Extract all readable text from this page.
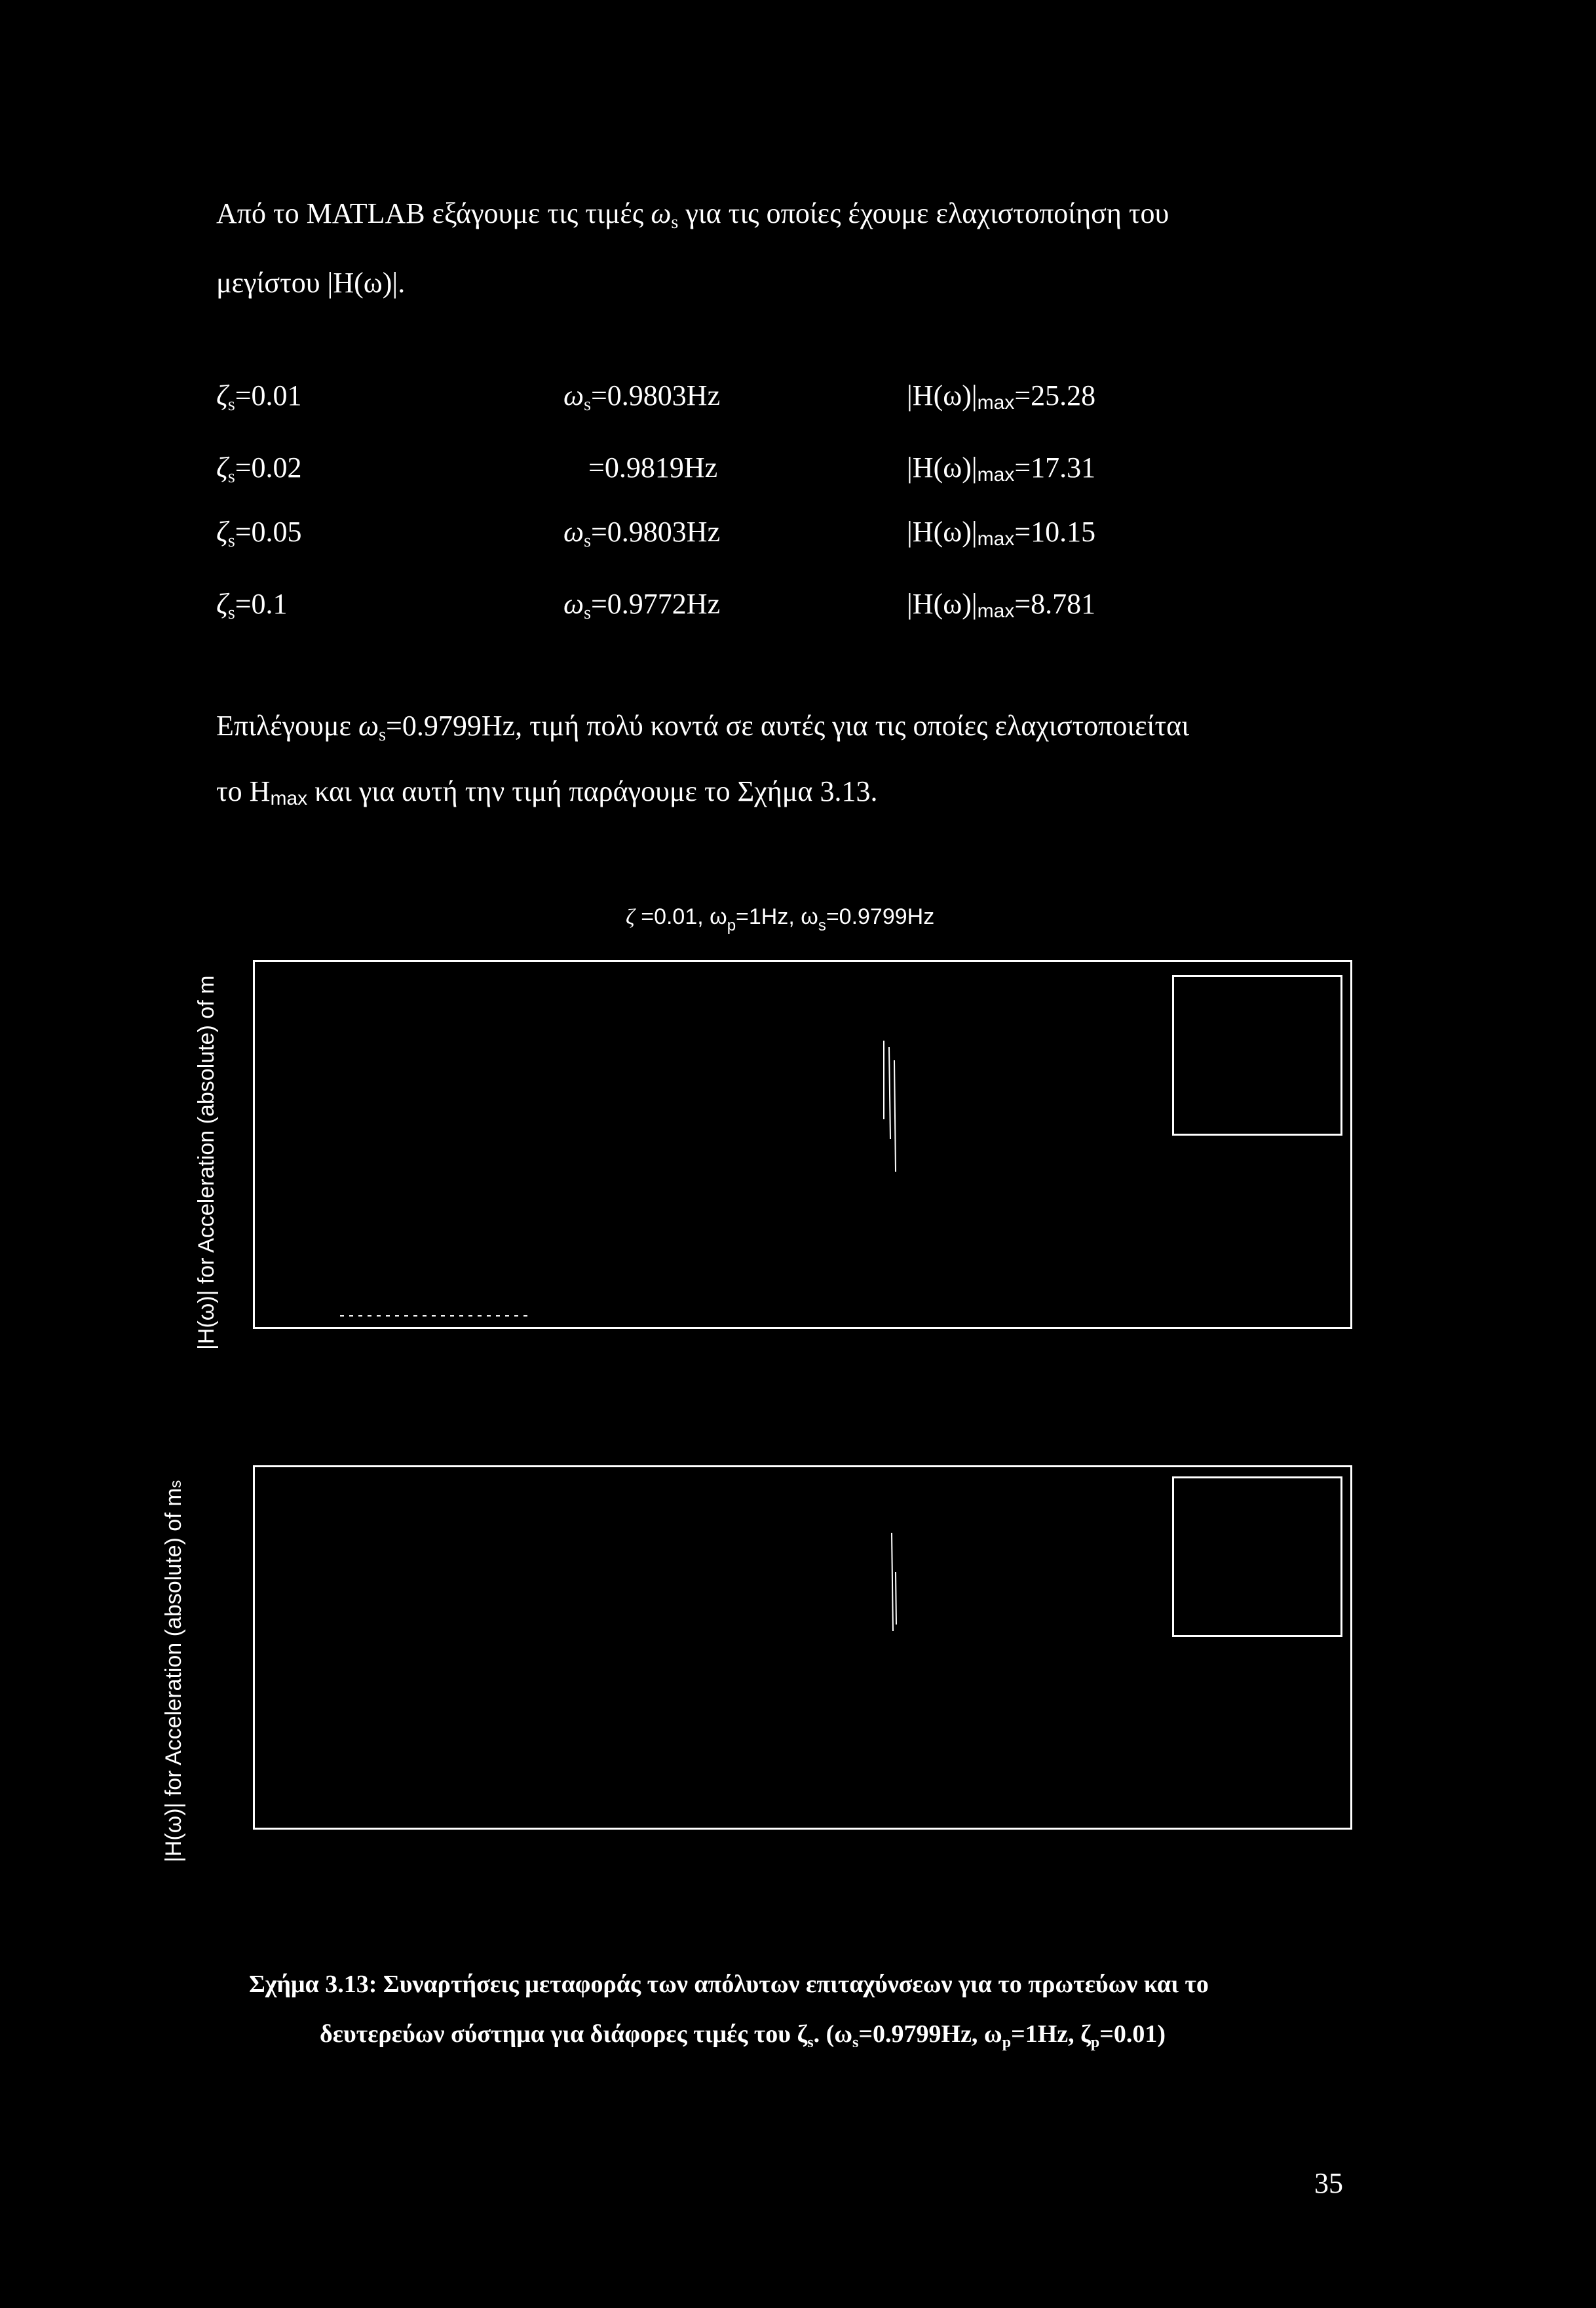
Από το MATLAB εξάγουμε τις τιμές $\omega_s$ για τις οποίες έχουμε ελαχιστοποίηση του
μεγίστου |H(ω)|.
$\zeta_s=0.01$	$\omega_s=0.9803Hz$	|H(ω)|max=25.28
$\zeta_s=0.02$	=0.9819Hz	|H(ω)|max=17.31
$\zeta_s=0.05$	$\omega_s=0.9803Hz$	|H(ω)|max=10.15
$\zeta_s=0.1$	$\omega_s=0.9772Hz$	|H(ω)|max=8.781
Επιλέγουμε $\omega_s=0.9799Hz$, τιμή πολύ κοντά σε αυτές για τις οποίες ελαχιστοποιείται
το Hmax και για αυτή την τιμή παράγουμε το Σχήμα 3.13.
ζ =0.01, $\omega_p=1Hz$, $\omega_s=0.9799Hz$
|H(ω)| for Acceleration (absolute) of m
|H(ω)| for Acceleration (absolute) of ms
Σχήμα 3.13: Συναρτήσεις μεταφοράς των απόλυτων επιταχύνσεων για το πρωτεύων και το
δευτερεύων σύστημα για διάφορες τιμές του $\zeta_s$. ($\omega_s=0.9799Hz$, $\omega_p=1Hz$, $\zeta_p=0.01$)
35
